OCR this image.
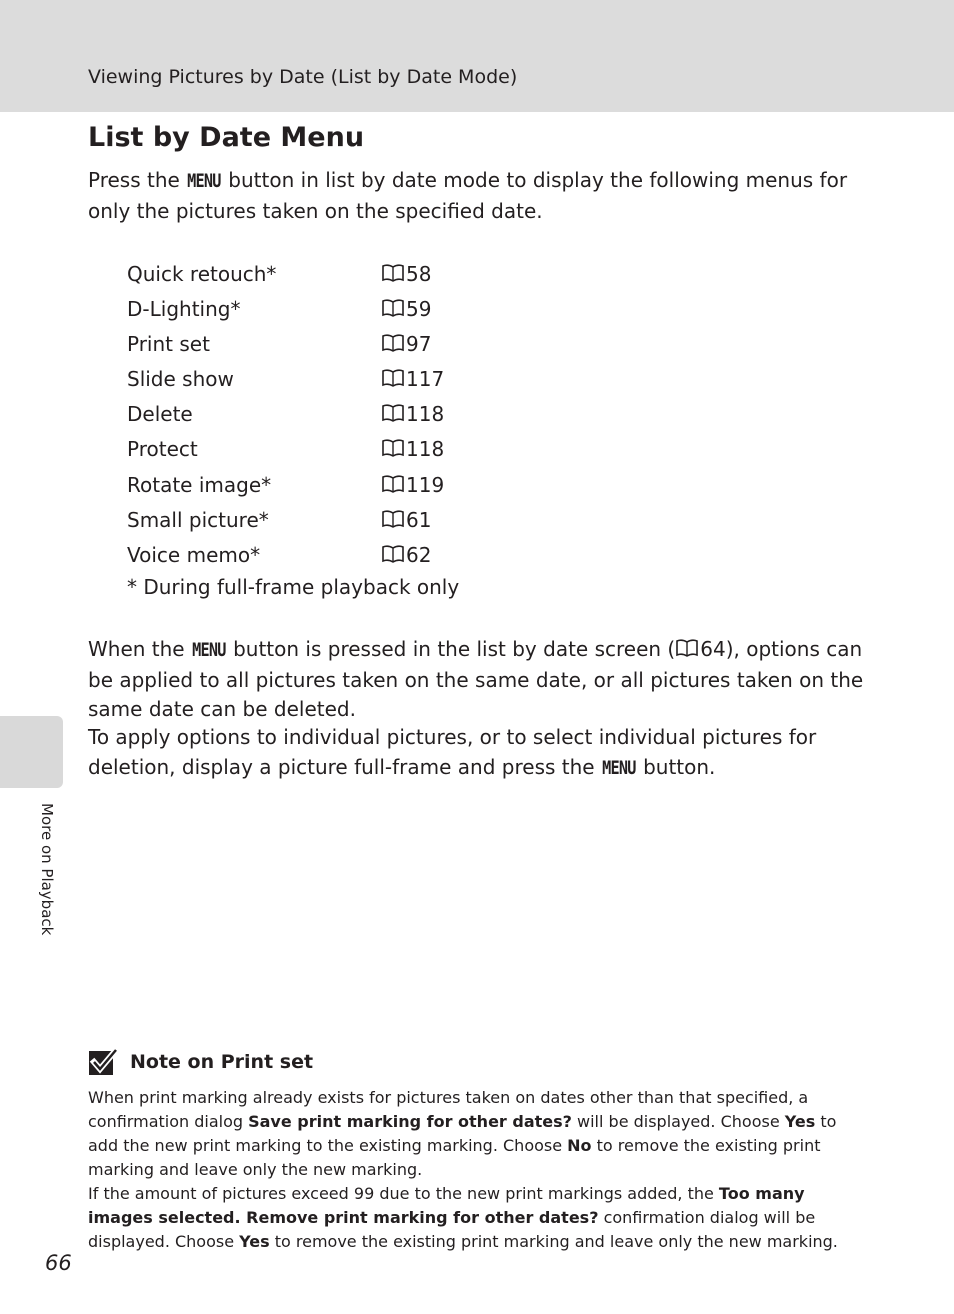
Viewing Pictures by Date (List by Date Mode)
More on Playback
List by Date Menu

Press the MENU button in list by date mode to display the following menus for only the pictures taken on the specified date.

Quick retouch*	58
D-Lighting*	59
Print set	97
Slide show	117
Delete	118
Protect	118
Rotate image*	119
Small picture*	61
Voice memo*	62
* During full-frame playback only

When the MENU button is pressed in the list by date screen ( 64), options can be applied to all pictures taken on the same date, or all pictures taken on the same date can be deleted.

To apply options to individual pictures, or to select individual pictures for deletion, display a picture full-frame and press the MENU button.

Note on Print set
When print marking already exists for pictures taken on dates other than that specified, a confirmation dialog Save print marking for other dates? will be displayed. Choose Yes to add the new print marking to the existing marking. Choose No to remove the existing print marking and leave only the new marking.
If the amount of pictures exceed 99 due to the new print markings added, the Too many images selected. Remove print marking for other dates? confirmation dialog will be displayed. Choose Yes to remove the existing print marking and leave only the new marking.
66
